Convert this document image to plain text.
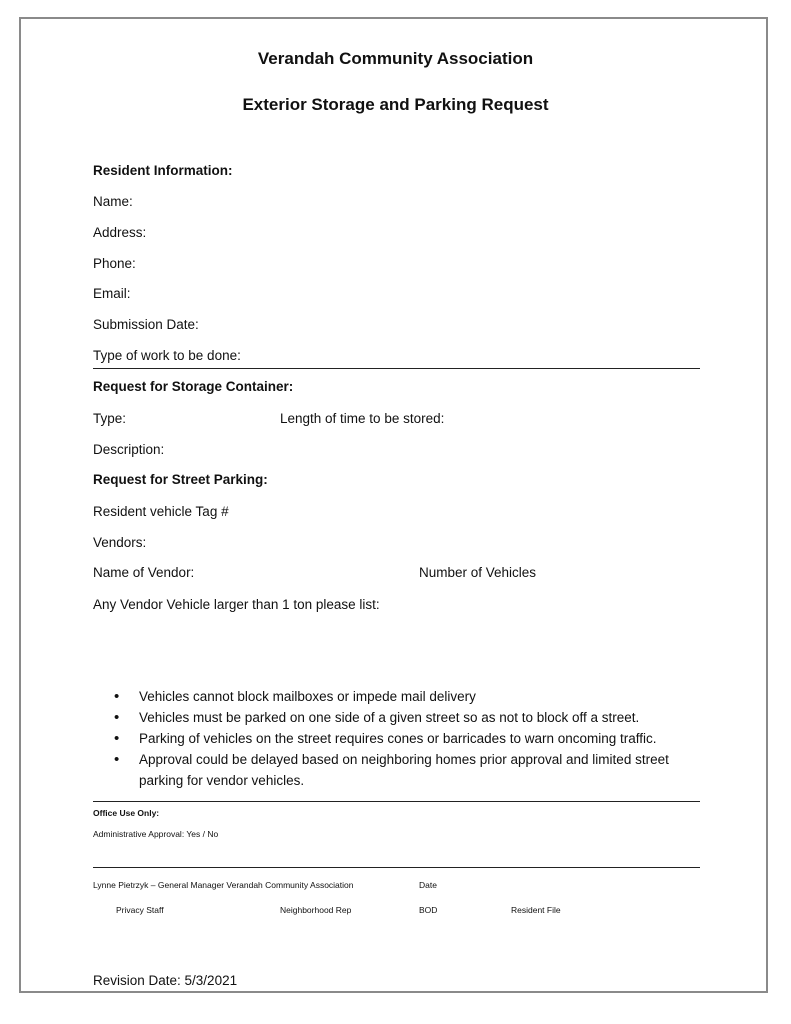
Verandah Community Association
Exterior Storage and Parking Request
Resident Information:
Name:
Address:
Phone:
Email:
Submission Date:
Type of work to be done:
Request for Storage Container:
Type:	Length of time to be stored:
Description:
Request for Street Parking:
Resident vehicle Tag #
Vendors:
Name of Vendor:	Number of Vehicles
Any Vendor Vehicle larger than 1 ton please list:
• Vehicles cannot block mailboxes or impede mail delivery
• Vehicles must be parked on one side of a given street so as not to block off a street.
• Parking of vehicles on the street requires cones or barricades to warn oncoming traffic.
• Approval could be delayed based on neighboring homes prior approval and limited street parking for vendor vehicles.
Office Use Only:
Administrative Approval: Yes / No
Lynne Pietrzyk – General Manager Verandah Community Association	Date
Privacy Staff	Neighborhood Rep	BOD	Resident File
Revision Date: 5/3/2021
